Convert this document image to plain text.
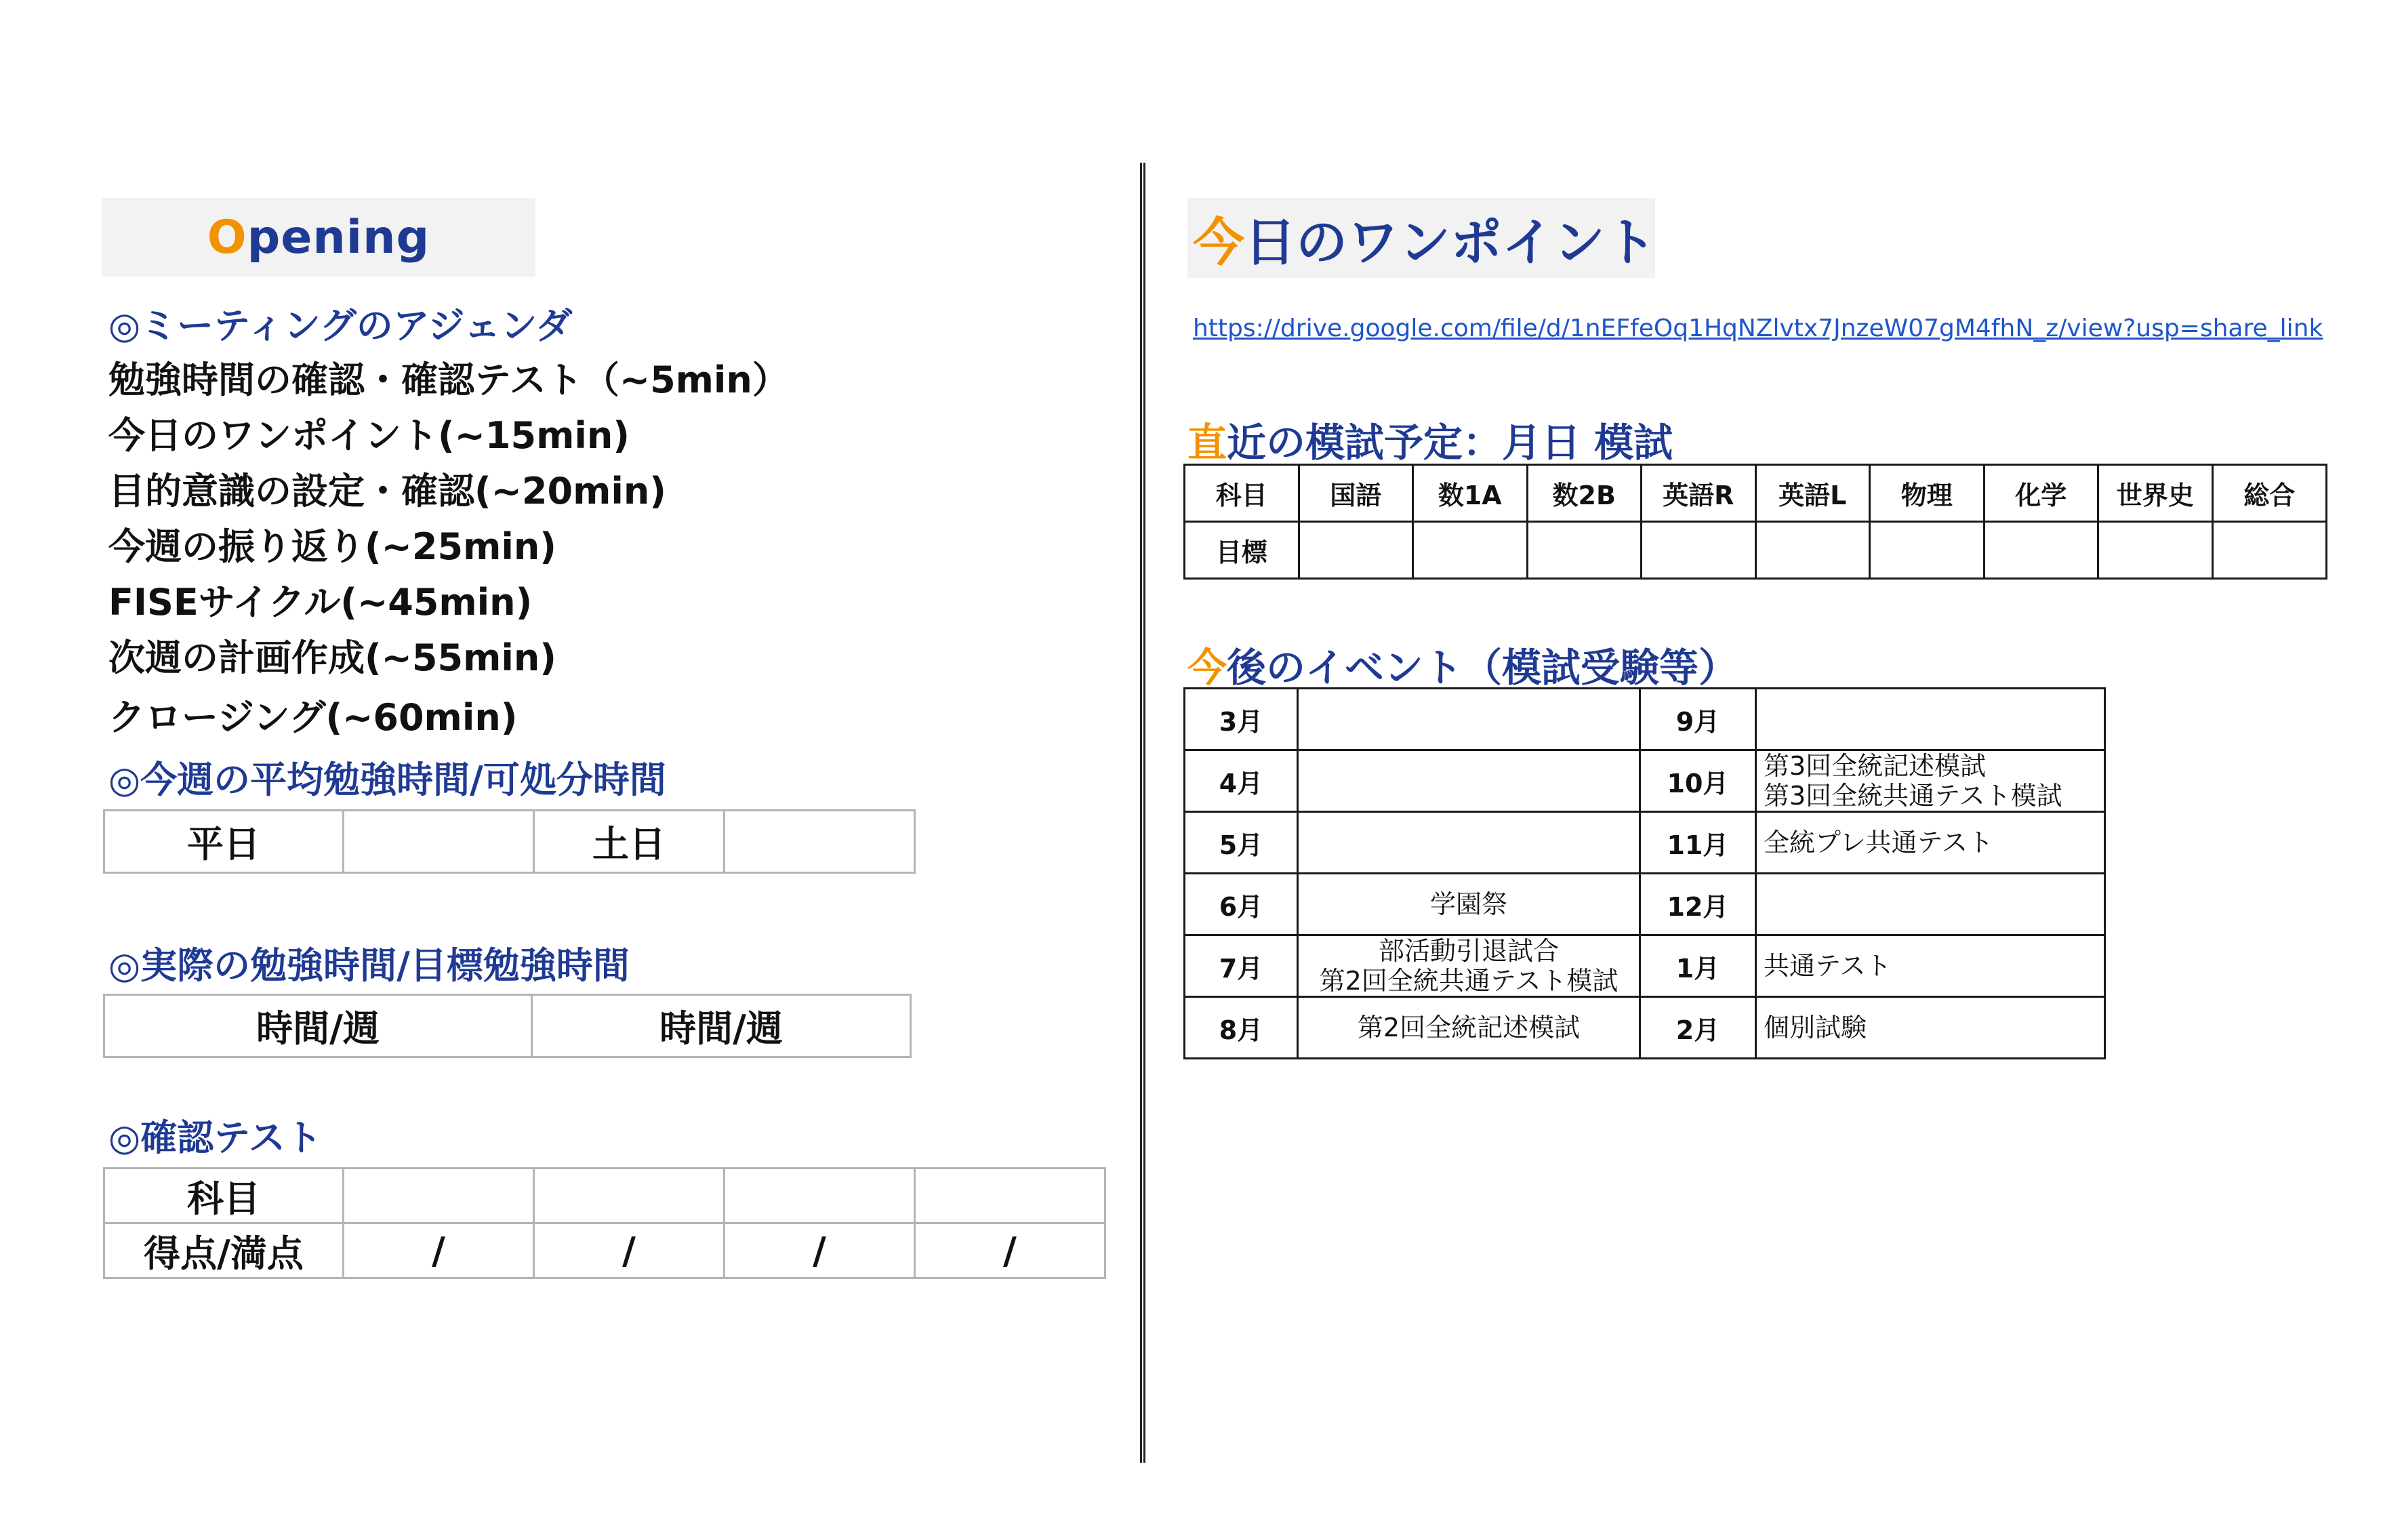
Opening
◎ミーティングのアジェンダ
勉強時間の確認・確認テスト（~5min）
今日のワンポイント(~15min)
目的意識の設定・確認(~20min)
今週の振り返り(~25min)
FISEサイクル(~45min)
次週の計画作成(~55min)
クロージング(~60min)
◎今週の平均勉強時間/可処分時間
平日		土日	
◎実際の勉強時間/目標勉強時間
時間/週	時間/週
◎確認テスト
科目				
得点/満点	/	/	/	/
今日のワンポイント
https://drive.google.com/file/d/1nEFfeOq1HqNZlvtx7JnzeW07gM4fhN_z/view?usp=share_link
直近の模試予定：月日 模試
科目	国語	数1A	数2B	英語R	英語L	物理	化学	世界史	総合
目標									
今後のイベント（模試受験等）
3月		9月	
4月		10月	第3回全統記述模試
第3回全統共通テスト模試

5月		11月	全統プレ共通テスト

6月	学園祭	12月	
7月	部活動引退試合
第2回全統共通テスト模試	1月	共通テスト

8月	第2回全統記述模試	2月	個別試験
